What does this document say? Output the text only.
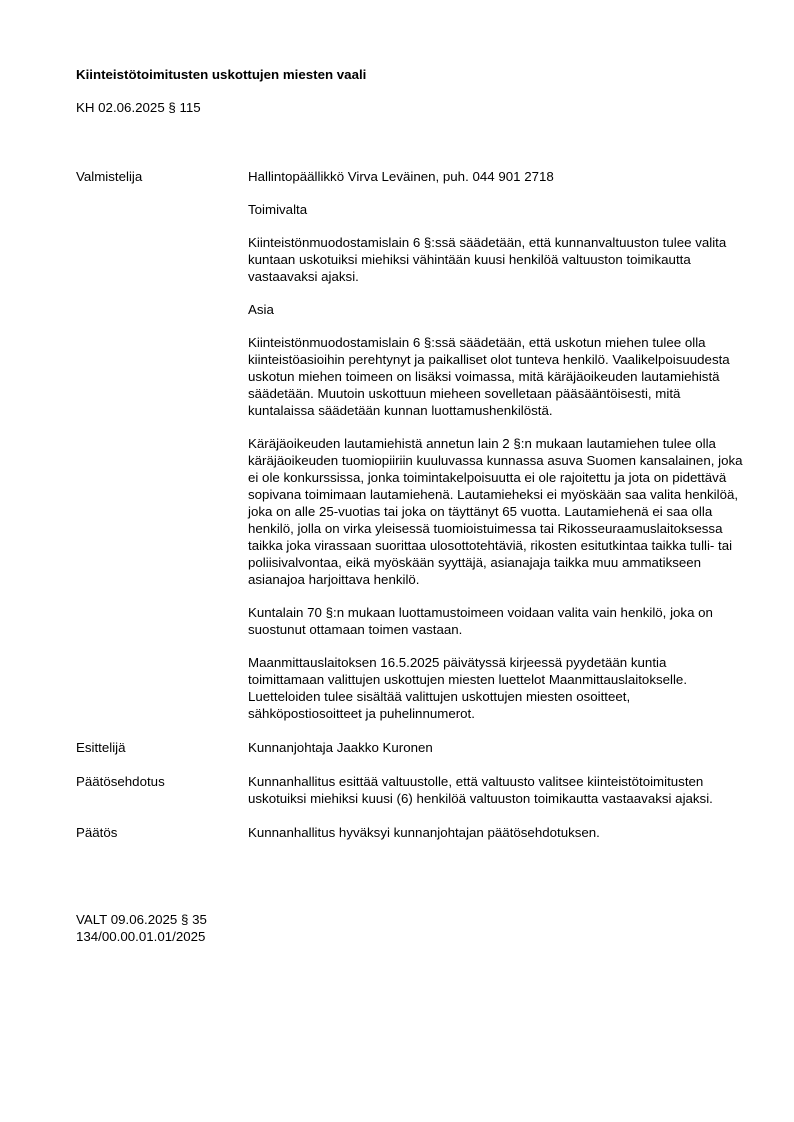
Kiinteistötoimitusten uskottujen miesten vaali
KH 02.06.2025 § 115
Valmistelija	Hallintopäällikkö Virva Leväinen, puh. 044 901 2718

Toimivalta

Kiinteistönmuodostamislain 6 §:ssä säädetään, että kunnanvaltuuston tulee valita kuntaan uskotuiksi miehiksi vähintään kuusi henkilöä valtuuston toimikautta vastaavaksi ajaksi.

Asia

Kiinteistönmuodostamislain 6 §:ssä säädetään, että uskotun miehen tulee olla kiinteistöasioihin perehtynyt ja paikalliset olot tunteva henkilö. Vaalikelpoisuudesta uskotun miehen toimeen on lisäksi voimassa, mitä käräjäoikeuden lautamiehistä säädetään. Muutoin uskottuun mieheen sovelletaan pääsääntöisesti, mitä kuntalaissa säädetään kunnan luottamushenkilöstä.

Käräjäoikeuden lautamiehistä annetun lain 2 §:n mukaan lautamiehen tulee olla käräjäoikeuden tuomiopiiriin kuuluvassa kunnassa asuva Suomen kansalainen, joka ei ole konkurssissa, jonka toimintakelpoisuutta ei ole rajoitettu ja jota on pidettävä sopivana toimimaan lautamiehenä. Lautamieheksi ei myöskään saa valita henkilöä, joka on alle 25-vuotias tai joka on täyttänyt 65 vuotta. Lautamiehenä ei saa olla henkilö, jolla on virka yleisessä tuomioistuimessa tai Rikosseuraamuslaitoksessa taikka joka virassaan suorittaa ulosottotehtäviä, rikosten esitutkintaa taikka tulli- tai poliisivalvontaa, eikä myöskään syyttäjä, asianajaja taikka muu ammatikseen asianajoa harjoittava henkilö.

Kuntalain 70 §:n mukaan luottamustoimeen voidaan valita vain henkilö, joka on suostunut ottamaan toimen vastaan.

Maanmittauslaitoksen 16.5.2025 päivätyssä kirjeessä pyydetään kuntia toimittamaan valittujen uskottujen miesten luettelot Maanmittauslaitokselle. Luetteloiden tulee sisältää valittujen uskottujen miesten osoitteet, sähköpostiosoitteet ja puhelinnumerot.

Esittelijä	Kunnanjohtaja Jaakko Kuronen
Päätösehdotus	Kunnanhallitus esittää valtuustolle, että valtuusto valitsee kiinteistötoimitusten uskotuiksi miehiksi kuusi (6) henkilöä valtuuston toimikautta vastaavaksi ajaksi.
Päätös	Kunnanhallitus hyväksyi kunnanjohtajan päätösehdotuksen.
VALT 09.06.2025 § 35
134/00.00.01.01/2025
